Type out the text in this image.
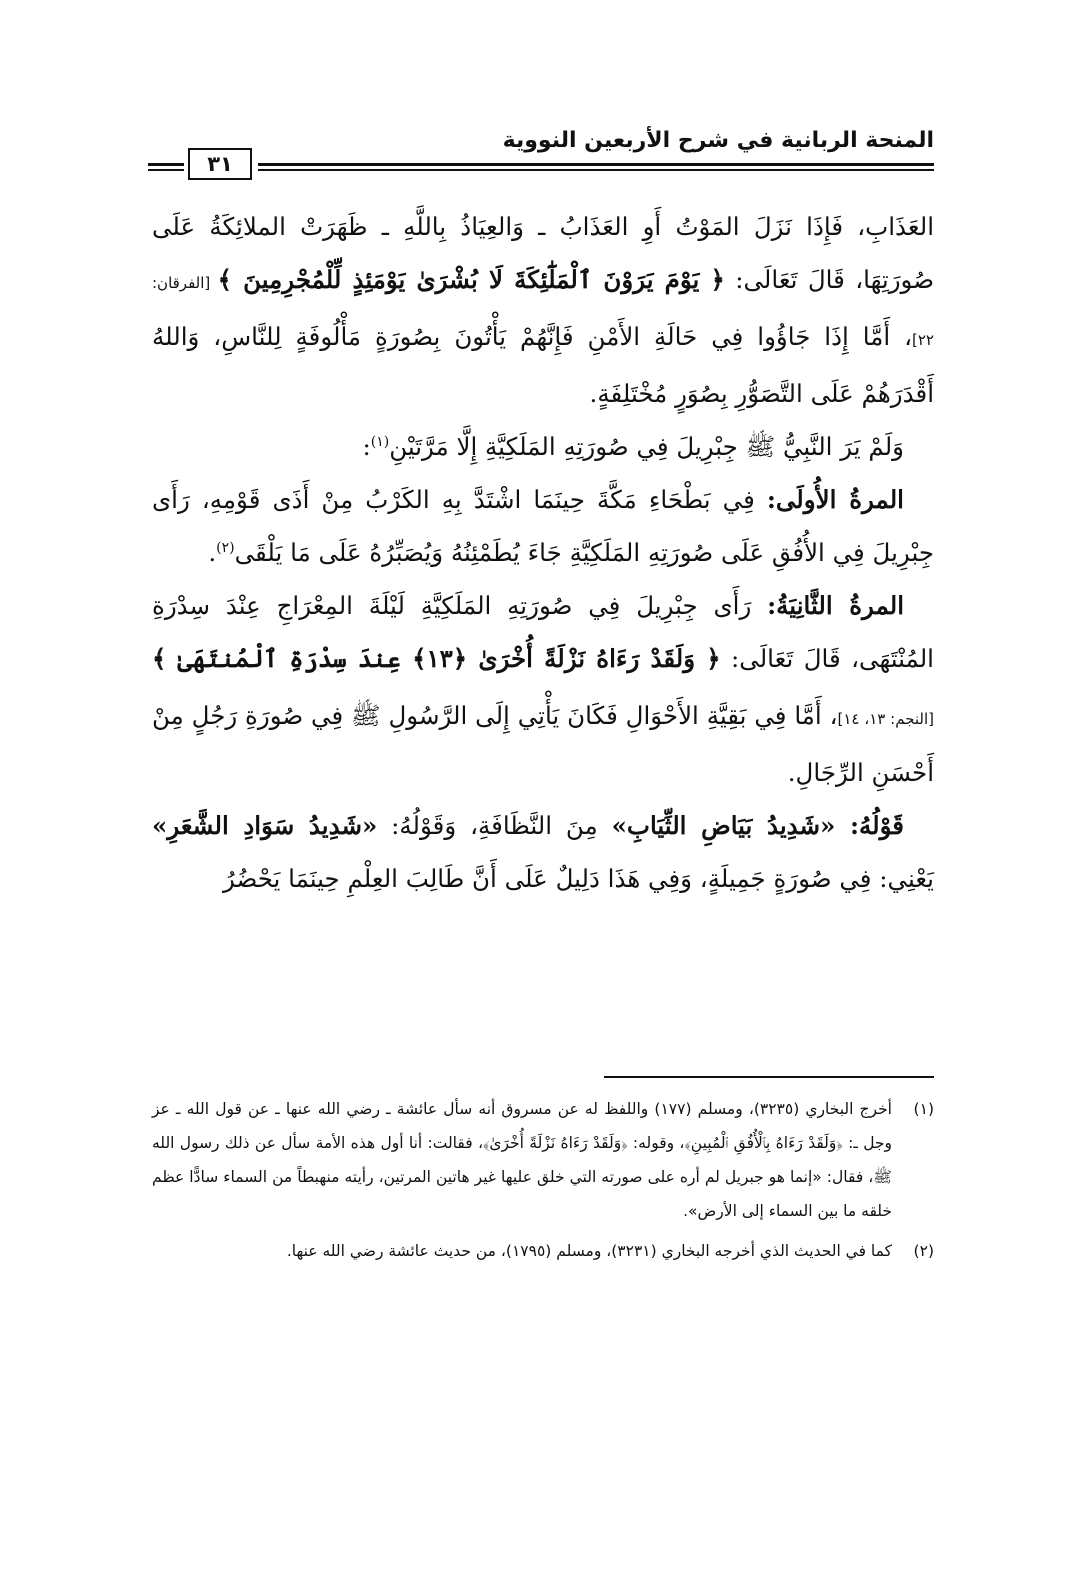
المنحة الربانية في شرح الأربعين النووية
٣١

العَذَابِ، فَإِذَا نَزَلَ المَوْتُ أَوِ العَذَابُ ـ وَالعِيَاذُ بِاللَّهِ ـ ظَهَرَتْ الملائِكَةُ عَلَى صُورَتِهَا، قَالَ تَعَالَى: ﴿ يَوْمَ يَرَوْنَ ٱلْمَلَٰٓئِكَةَ لَا بُشْرَىٰ يَوْمَئِذٍ لِّلْمُجْرِمِينَ ﴾ [الفرقان: ٢٢]، أَمَّا إِذَا جَاؤُوا فِي حَالَةِ الأَمْنِ فَإِنَّهُمْ يَأْتُونَ بِصُورَةٍ مَأْلُوفَةٍ لِلنَّاسِ، وَاللهُ أَقْدَرَهُمْ عَلَى التَّصَوُّرِ بِصُوَرٍ مُخْتَلِفَةٍ.

وَلَمْ يَرَ النَّبِيُّ ﷺ جِبْرِيلَ فِي صُورَتِهِ المَلَكِيَّةِ إِلَّا مَرَّتَيْنِ$^{(١)}$:

المرةُ الأُولَى: فِي بَطْحَاءِ مَكَّةَ حِينَمَا اشْتَدَّ بِهِ الكَرْبُ مِنْ أَذَى قَوْمِهِ، رَأَى جِبْرِيلَ فِي الأُفُقِ عَلَى صُورَتِهِ المَلَكِيَّةِ جَاءَ يُطَمْئِنُهُ وَيُصَبِّرُهُ عَلَى مَا يَلْقَى$^{(٢)}$.

المرةُ الثَّانِيَةُ: رَأَى جِبْرِيلَ فِي صُورَتِهِ المَلَكِيَّةِ لَيْلَةَ المِعْرَاجِ عِنْدَ سِدْرَةِ المُنْتَهَى، قَالَ تَعَالَى: ﴿ وَلَقَدْ رَءَاهُ نَزْلَةً أُخْرَىٰ ﴿١٣﴾ عِندَ سِدْرَةِ ٱلْمُنتَهَىٰ ﴾ [النجم: ١٣، ١٤]، أَمَّا فِي بَقِيَّةِ الأَحْوَالِ فَكَانَ يَأْتِي إِلَى الرَّسُولِ ﷺ فِي صُورَةِ رَجُلٍ مِنْ أَحْسَنِ الرِّجَالِ.

قَوْلُهُ: «شَدِيدُ بَيَاضِ الثِّيَابِ» مِنَ النَّظَافَةِ، وَقَوْلُهُ: «شَدِيدُ سَوَادِ الشَّعَرِ» يَعْنِي: فِي صُورَةٍ جَمِيلَةٍ، وَفِي هَذَا دَلِيلٌ عَلَى أَنَّ طَالِبَ العِلْمِ حِينَمَا يَحْضُرُ

(١)
أخرج البخاري (٣٢٣٥)، ومسلم (١٧٧) واللفظ له عن مسروق أنه سأل عائشة ـ رضي الله عنها ـ عن قول الله ـ عز وجل ـ: ﴿وَلَقَدْ رَءَاهُ بِٱلْأُفُقِ ٱلْمُبِينِ﴾، وقوله: ﴿وَلَقَدْ رَءَاهُ نَزْلَةً أُخْرَىٰ﴾، فقالت: أنا أول هذه الأمة سأل عن ذلك رسول الله ﷺ، فقال: «إنما هو جبريل لم أره على صورته التي خلق عليها غير هاتين المرتين، رأيته منهبطاً من السماء سادًّا عظم خلقه ما بين السماء إلى الأرض».
(٢)
كما في الحديث الذي أخرجه البخاري (٣٢٣١)، ومسلم (١٧٩٥)، من حديث عائشة رضي الله عنها.
